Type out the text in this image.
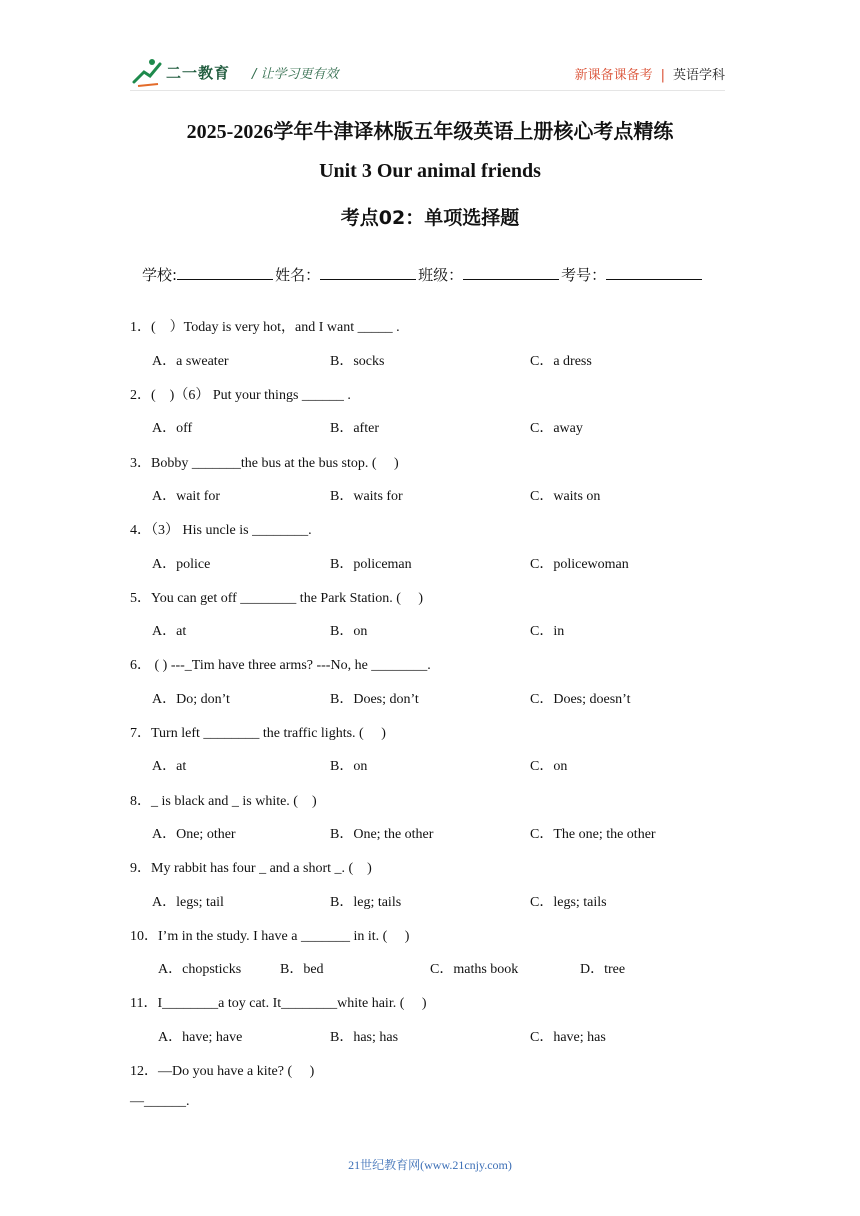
二一教育 / 让学习更有效	新课备课备考 | 英语学科
2025-2026学年牛津译林版五年级英语上册核心考点精练
Unit 3 Our animal friends
考点02：单项选择题
学校:	姓名：	班级：	考号：
1．(　）Today is very hot，and I want _____ .
A．a sweater	B．socks	C．a dress
2．(　)（6） Put your things ______ .
A．off	B．after	C．away
3．Bobby _______the bus at the bus stop. (　 )
A．wait for	B．waits for	C．waits on
4．（3） His uncle is ________.
A．police	B．policeman	C．policewoman
5．You can get off ________ the Park Station. (　 )
A．at	B．on	C．in
6． ( ) ---_Tim have three arms? ---No, he ________.
A．Do; don’t	B．Does; don’t	C．Does; doesn’t
7．Turn left ________ the traffic lights. (　 )
A．at	B．on	C．on
8．_ is black and _ is white. (　)
A．One; other	B．One; the other	C．The one; the other
9．My rabbit has four _ and a short _. (　)
A．legs; tail	B．leg; tails	C．legs; tails
10．I’m in the study. I have a _______ in it. (　 )
A．chopsticks	B．bed	C．maths book	D．tree
11．I________a toy cat. It________white hair. (　 )
A．have; have	B．has; has	C．have; has
12．—Do you have a kite? (　 )
—______.
21世纪教育网(www.21cnjy.com)
